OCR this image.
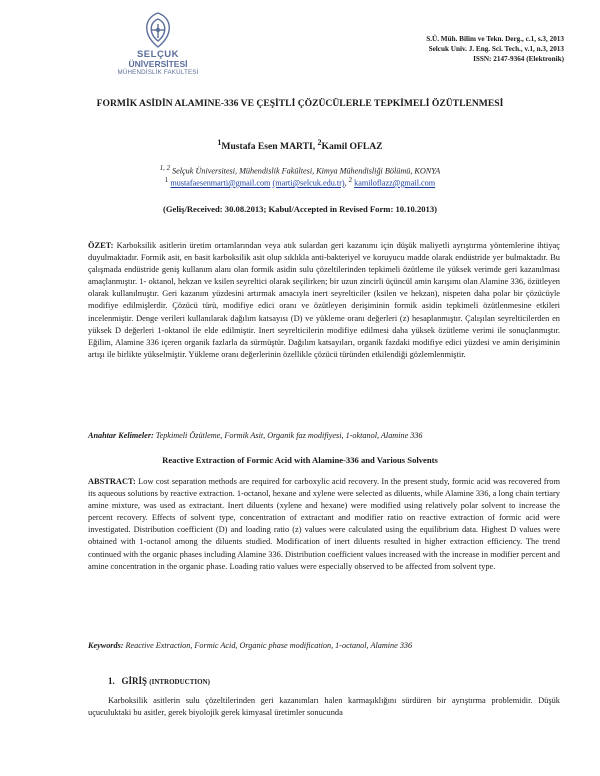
SELÇUK
ÜNİVERSİTESİ
MÜHENDİSLİK FAKÜLTESİ
S.Ü. Müh. Bilim ve Tekn. Derg., c.1, s.3, 2013
Selcuk Univ. J. Eng. Sci. Tech., v.1, n.3, 2013
ISSN: 2147-9364 (Elektronik)
FORMİK ASİDİN ALAMINE-336 VE ÇEŞİTLİ ÇÖZÜCÜLERLE TEPKİMELİ ÖZÜTLENMESİ
$^1$Mustafa Esen MARTI, $^2$Kamil OFLAZ
$^{1, 2}$ Selçuk Üniversitesi, Mühendislik Fakültesi, Kimya Mühendisliği Bölümü, KONYA
$^1$ mustafaesenmarti@gmail.com (marti@selcuk.edu.tr), $^2$ kamiloflazz@gmail.com
(Geliş/Received: 30.08.2013; Kabul/Accepted in Revised Form: 10.10.2013)
ÖZET: Karboksilik asitlerin üretim ortamlarından veya atık sulardan geri kazanımı için düşük maliyetli ayrıştırma yöntemlerine ihtiyaç duyulmaktadır. Formik asit, en basit karboksilik asit olup sıklıkla anti-bakteriyel ve koruyucu madde olarak endüstride yer bulmaktadır. Bu çalışmada endüstride geniş kullanım alanı olan formik asidin sulu çözeltilerinden tepkimeli özütleme ile yüksek verimde geri kazanılması amaçlanmıştır. 1- oktanol, hekzan ve ksilen seyreltici olarak seçilirken; bir uzun zincirli üçüncül amin karışımı olan Alamine 336, özütleyen olarak kullanılmıştır. Geri kazanım yüzdesini artırmak amacıyla inert seyrelticiler (ksilen ve hekzan), nispeten daha polar bir çözücüyle modifiye edilmişlerdir. Çözücü türü, modifiye edici oranı ve özütleyen derişiminin formik asidin tepkimeli özütlenmesine etkileri incelenmiştir. Denge verileri kullanılarak dağılım katsayısı (D) ve yükleme oranı değerleri (z) hesaplanmıştır. Çalışılan seyrelticilerden en yüksek D değerleri 1-oktanol ile elde edilmiştir. Inert seyrelticilerin modifiye edilmesi daha yüksek özütleme verimi ile sonuçlanmıştır. Eğilim, Alamine 336 içeren organik fazlarla da sürmüştür. Dağılım katsayıları, organik fazdaki modifiye edici yüzdesi ve amin derişiminin artışı ile birlikte yükselmiştir. Yükleme oranı değerlerinin özellikle çözücü türünden etkilendiği gözlemlenmiştir.
Anahtar Kelimeler: Tepkimeli Özütleme, Formik Asit, Organik faz modifiyesi, 1-oktanol, Alamine 336
Reactive Extraction of Formic Acid with Alamine-336 and Various Solvents
ABSTRACT: Low cost separation methods are required for carboxylic acid recovery. In the present study, formic acid was recovered from its aqueous solutions by reactive extraction. 1-octanol, hexane and xylene were selected as diluents, while Alamine 336, a long chain tertiary amine mixture, was used as extractant. Inert diluents (xylene and hexane) were modified using relatively polar solvent to increase the percent recovery. Effects of solvent type, concentration of extractant and modifier ratio on reactive extraction of formic acid were investigated. Distribution coefficient (D) and loading ratio (z) values were calculated using the equilibrium data. Highest D values were obtained with 1-octanol among the diluents studied. Modification of inert diluents resulted in higher extraction efficiency. The trend continued with the organic phases including Alamine 336. Distribution coefficient values increased with the increase in modifier percent and amine concentration in the organic phase. Loading ratio values were especially observed to be affected from solvent type.
Keywords: Reactive Extraction, Formic Acid, Organic phase modification, 1-octanol, Alamine 336
1. GİRİŞ (INTRODUCTION)
Karboksilik asitlerin sulu çözeltilerinden geri kazanımları halen karmaşıklığını sürdüren bir ayrıştırma problemidir. Düşük uçuculuktaki bu asitler, gerek biyolojik gerek kimyasal üretimler sonucunda
